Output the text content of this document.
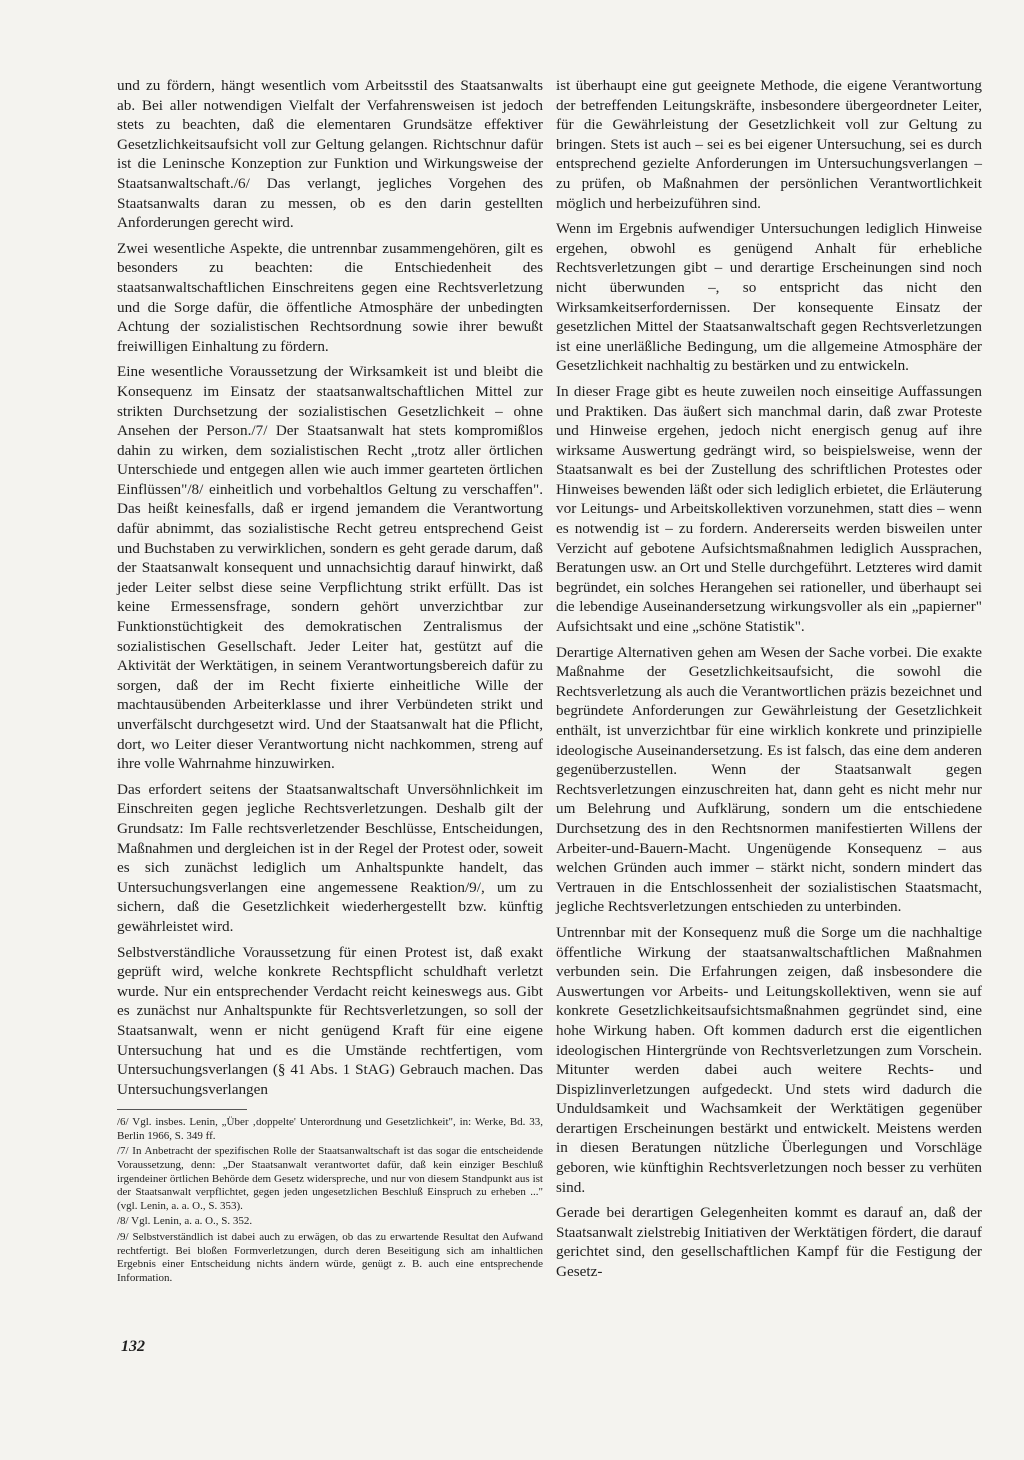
und zu fördern, hängt wesentlich vom Arbeitsstil des Staatsanwalts ab. Bei aller notwendigen Vielfalt der Verfahrensweisen ist jedoch stets zu beachten, daß die elementaren Grundsätze effektiver Gesetzlichkeitsaufsicht voll zur Geltung gelangen. Richtschnur dafür ist die Leninsche Konzeption zur Funktion und Wirkungsweise der Staatsanwaltschaft./6/ Das verlangt, jegliches Vorgehen des Staatsanwalts daran zu messen, ob es den darin gestellten Anforderungen gerecht wird.

Zwei wesentliche Aspekte, die untrennbar zusammengehören, gilt es besonders zu beachten: die Entschiedenheit des staatsanwaltschaftlichen Einschreitens gegen eine Rechtsverletzung und die Sorge dafür, die öffentliche Atmosphäre der unbedingten Achtung der sozialistischen Rechtsordnung sowie ihrer bewußt freiwilligen Einhaltung zu fördern.

Eine wesentliche Voraussetzung der Wirksamkeit ist und bleibt die Konsequenz im Einsatz der staatsanwaltschaftlichen Mittel zur strikten Durchsetzung der sozialistischen Gesetzlichkeit – ohne Ansehen der Person./7/ Der Staatsanwalt hat stets kompromißlos dahin zu wirken, dem sozialistischen Recht „trotz aller örtlichen Unterschiede und entgegen allen wie auch immer gearteten örtlichen Einflüssen"/8/ einheitlich und vorbehaltlos Geltung zu verschaffen". Das heißt keinesfalls, daß er irgend jemandem die Verantwortung dafür abnimmt, das sozialistische Recht getreu entsprechend Geist und Buchstaben zu verwirklichen, sondern es geht gerade darum, daß der Staatsanwalt konsequent und unnachsichtig darauf hinwirkt, daß jeder Leiter selbst diese seine Verpflichtung strikt erfüllt. Das ist keine Ermessensfrage, sondern gehört unverzichtbar zur Funktionstüchtigkeit des demokratischen Zentralismus der sozialistischen Gesellschaft. Jeder Leiter hat, gestützt auf die Aktivität der Werktätigen, in seinem Verantwortungsbereich dafür zu sorgen, daß der im Recht fixierte einheitliche Wille der machtausübenden Arbeiterklasse und ihrer Verbündeten strikt und unverfälscht durchgesetzt wird. Und der Staatsanwalt hat die Pflicht, dort, wo Leiter dieser Verantwortung nicht nachkommen, streng auf ihre volle Wahrnahme hinzuwirken.

Das erfordert seitens der Staatsanwaltschaft Unversöhnlichkeit im Einschreiten gegen jegliche Rechtsverletzungen. Deshalb gilt der Grundsatz: Im Falle rechtsverletzender Beschlüsse, Entscheidungen, Maßnahmen und dergleichen ist in der Regel der Protest oder, soweit es sich zunächst lediglich um Anhaltspunkte handelt, das Untersuchungsverlangen eine angemessene Reaktion/9/, um zu sichern, daß die Gesetzlichkeit wiederhergestellt bzw. künftig gewährleistet wird.

Selbstverständliche Voraussetzung für einen Protest ist, daß exakt geprüft wird, welche konkrete Rechtspflicht schuldhaft verletzt wurde. Nur ein entsprechender Verdacht reicht keineswegs aus. Gibt es zunächst nur Anhaltspunkte für Rechtsverletzungen, so soll der Staatsanwalt, wenn er nicht genügend Kraft für eine eigene Untersuchung hat und es die Umstände rechtfertigen, vom Untersuchungsverlangen (§ 41 Abs. 1 StAG) Gebrauch machen. Das Untersuchungsverlangen

/6/ Vgl. insbes. Lenin, „Über ‚doppelte' Unterordnung und Gesetzlichkeit", in: Werke, Bd. 33, Berlin 1966, S. 349 ff.

/7/ In Anbetracht der spezifischen Rolle der Staatsanwaltschaft ist das sogar die entscheidende Voraussetzung, denn: „Der Staatsanwalt verantwortet dafür, daß kein einziger Beschluß irgendeiner örtlichen Behörde dem Gesetz widerspreche, und nur von diesem Standpunkt aus ist der Staatsanwalt verpflichtet, gegen jeden ungesetzlichen Beschluß Einspruch zu erheben ..." (vgl. Lenin, a. a. O., S. 353).

/8/ Vgl. Lenin, a. a. O., S. 352.

/9/ Selbstverständlich ist dabei auch zu erwägen, ob das zu erwartende Resultat den Aufwand rechtfertigt. Bei bloßen Formverletzungen, durch deren Beseitigung sich am inhaltlichen Ergebnis einer Entscheidung nichts ändern würde, genügt z. B. auch eine entsprechende Information.

ist überhaupt eine gut geeignete Methode, die eigene Verantwortung der betreffenden Leitungskräfte, insbesondere übergeordneter Leiter, für die Gewährleistung der Gesetzlichkeit voll zur Geltung zu bringen. Stets ist auch – sei es bei eigener Untersuchung, sei es durch entsprechend gezielte Anforderungen im Untersuchungsverlangen – zu prüfen, ob Maßnahmen der persönlichen Verantwortlichkeit möglich und herbeizuführen sind.

Wenn im Ergebnis aufwendiger Untersuchungen lediglich Hinweise ergehen, obwohl es genügend Anhalt für erhebliche Rechtsverletzungen gibt – und derartige Erscheinungen sind noch nicht überwunden –, so entspricht das nicht den Wirksamkeitserfordernissen. Der konsequente Einsatz der gesetzlichen Mittel der Staatsanwaltschaft gegen Rechtsverletzungen ist eine unerläßliche Bedingung, um die allgemeine Atmosphäre der Gesetzlichkeit nachhaltig zu bestärken und zu entwickeln.

In dieser Frage gibt es heute zuweilen noch einseitige Auffassungen und Praktiken. Das äußert sich manchmal darin, daß zwar Proteste und Hinweise ergehen, jedoch nicht energisch genug auf ihre wirksame Auswertung gedrängt wird, so beispielsweise, wenn der Staatsanwalt es bei der Zustellung des schriftlichen Protestes oder Hinweises bewenden läßt oder sich lediglich erbietet, die Erläuterung vor Leitungs- und Arbeitskollektiven vorzunehmen, statt dies – wenn es notwendig ist – zu fordern. Andererseits werden bisweilen unter Verzicht auf gebotene Aufsichtsmaßnahmen lediglich Aussprachen, Beratungen usw. an Ort und Stelle durchgeführt. Letzteres wird damit begründet, ein solches Herangehen sei rationeller, und überhaupt sei die lebendige Auseinandersetzung wirkungsvoller als ein „papierner" Aufsichtsakt und eine „schöne Statistik".

Derartige Alternativen gehen am Wesen der Sache vorbei. Die exakte Maßnahme der Gesetzlichkeitsaufsicht, die sowohl die Rechtsverletzung als auch die Verantwortlichen präzis bezeichnet und begründete Anforderungen zur Gewährleistung der Gesetzlichkeit enthält, ist unverzichtbar für eine wirklich konkrete und prinzipielle ideologische Auseinandersetzung. Es ist falsch, das eine dem anderen gegenüberzustellen. Wenn der Staatsanwalt gegen Rechtsverletzungen einzuschreiten hat, dann geht es nicht mehr nur um Belehrung und Aufklärung, sondern um die entschiedene Durchsetzung des in den Rechtsnormen manifestierten Willens der Arbeiter-und-Bauern-Macht. Ungenügende Konsequenz – aus welchen Gründen auch immer – stärkt nicht, sondern mindert das Vertrauen in die Entschlossenheit der sozialistischen Staatsmacht, jegliche Rechtsverletzungen entschieden zu unterbinden.

Untrennbar mit der Konsequenz muß die Sorge um die nachhaltige öffentliche Wirkung der staatsanwaltschaftlichen Maßnahmen verbunden sein. Die Erfahrungen zeigen, daß insbesondere die Auswertungen vor Arbeits- und Leitungskollektiven, wenn sie auf konkrete Gesetzlichkeitsaufsichtsmaßnahmen gegründet sind, eine hohe Wirkung haben. Oft kommen dadurch erst die eigentlichen ideologischen Hintergründe von Rechtsverletzungen zum Vorschein. Mitunter werden dabei auch weitere Rechts- und Dispizlinverletzungen aufgedeckt. Und stets wird dadurch die Unduldsamkeit und Wachsamkeit der Werktätigen gegenüber derartigen Erscheinungen bestärkt und entwickelt. Meistens werden in diesen Beratungen nützliche Überlegungen und Vorschläge geboren, wie künftighin Rechtsverletzungen noch besser zu verhüten sind.

Gerade bei derartigen Gelegenheiten kommt es darauf an, daß der Staatsanwalt zielstrebig Initiativen der Werktätigen fördert, die darauf gerichtet sind, den gesellschaftlichen Kampf für die Festigung der Gesetz-

132
